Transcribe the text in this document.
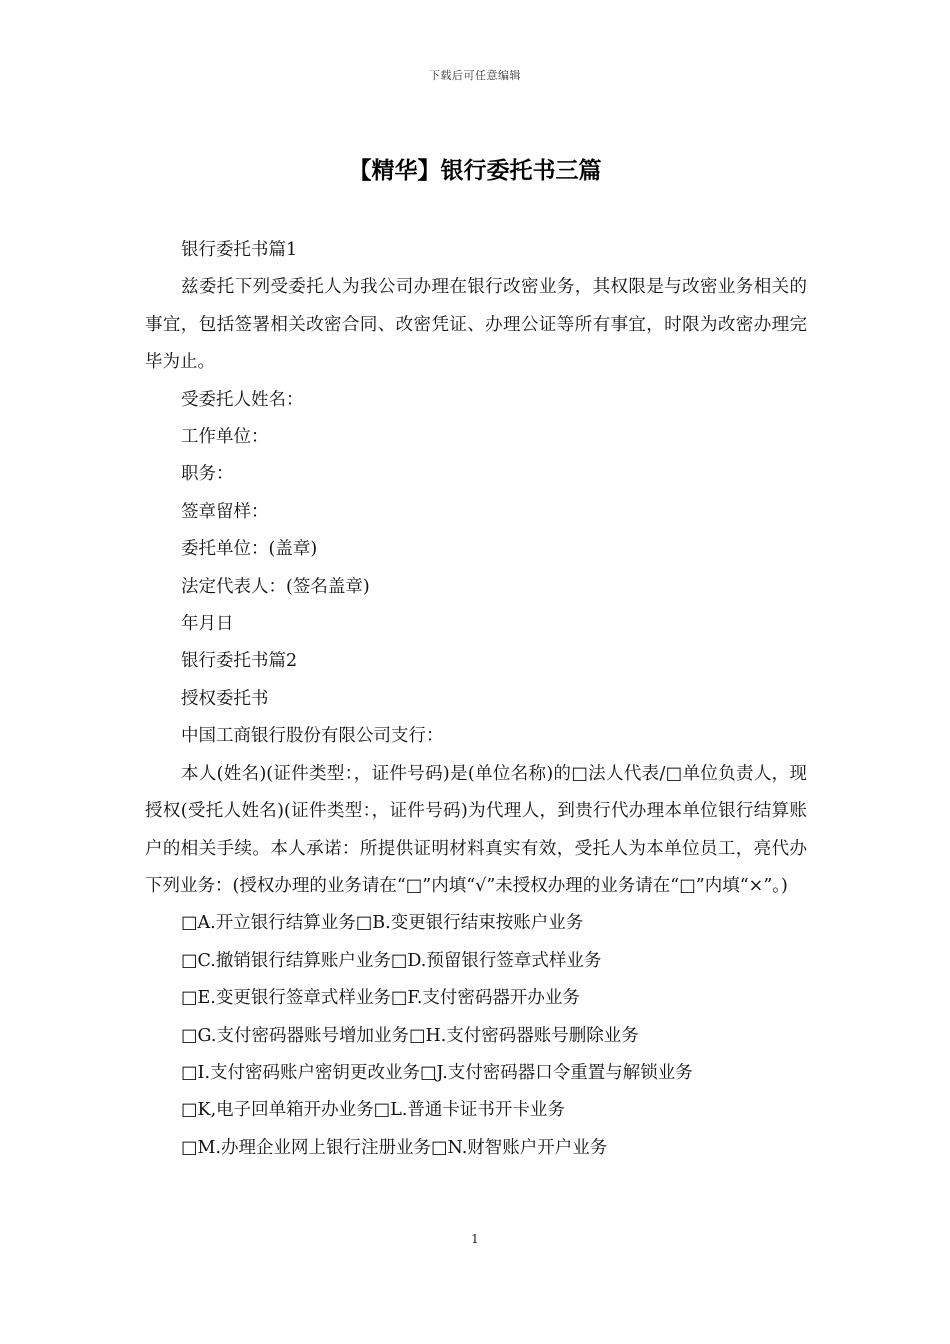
下载后可任意编辑
【精华】银行委托书三篇

银行委托书篇1

兹委托下列受委托人为我公司办理在银行改密业务，其权限是与改密业务相关的事宜，包括签署相关改密合同、改密凭证、办理公证等所有事宜，时限为改密办理完毕为止。

受委托人姓名：

工作单位：

职务：

签章留样：

委托单位：(盖章)

法定代表人：(签名盖章)

年月日

银行委托书篇2

授权委托书

中国工商银行股份有限公司支行：

本人(姓名)(证件类型：，证件号码)是(单位名称)的□法人代表/□单位负责人，现授权(受托人姓名)(证件类型：，证件号码)为代理人，到贵行代办理本单位银行结算账户的相关手续。本人承诺：所提供证明材料真实有效，受托人为本单位员工，亮代办下列业务：(授权办理的业务请在“□”内填“√”未授权办理的业务请在“□”内填“×”。)

□A.开立银行结算业务□B.变更银行结束按账户业务

□C.撤销银行结算账户业务□D.预留银行签章式样业务

□E.变更银行签章式样业务□F.支付密码器开办业务

□G.支付密码器账号增加业务□H.支付密码器账号删除业务

□I.支付密码账户密钥更改业务□J.支付密码器口令重置与解锁业务

□K,电子回单箱开办业务□L.普通卡证书开卡业务

□M.办理企业网上银行注册业务□N.财智账户开户业务

1
